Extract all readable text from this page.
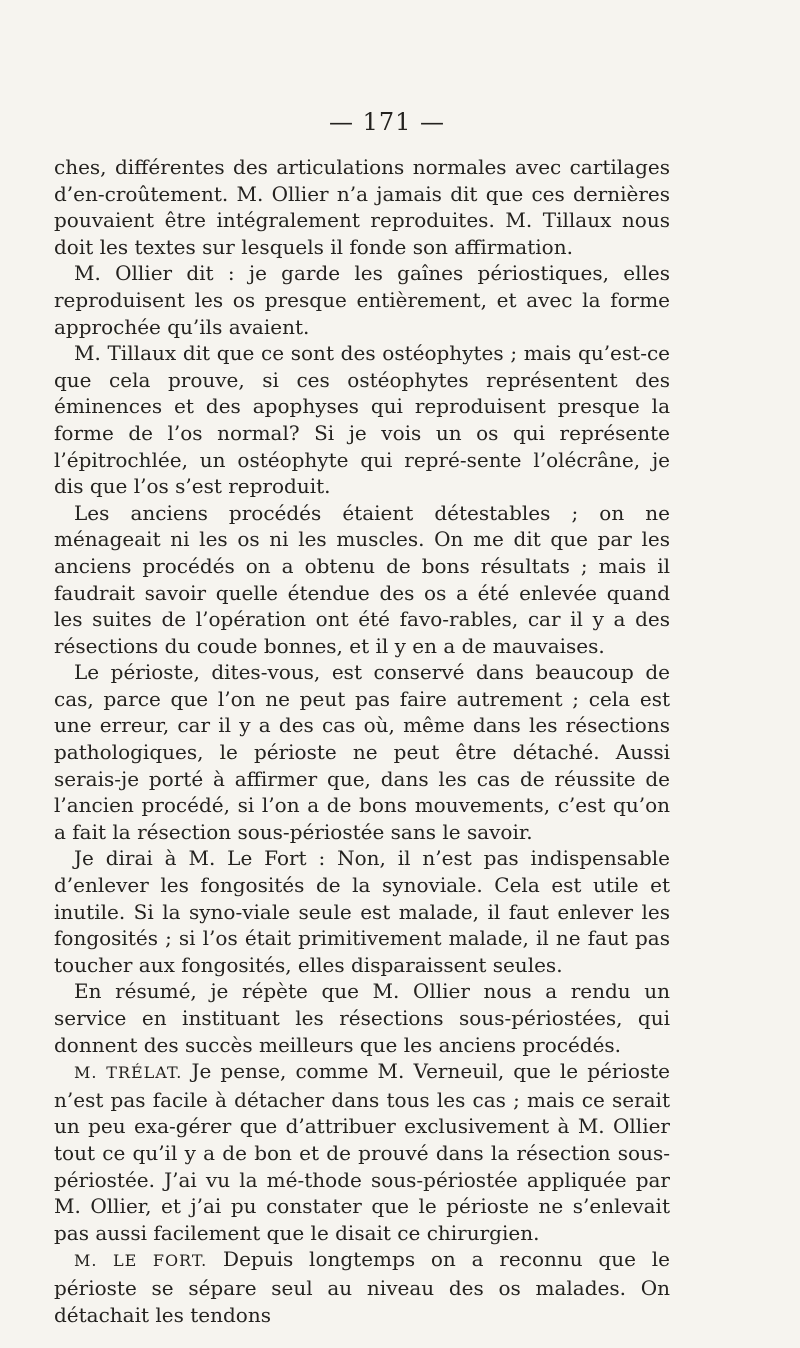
— 171 —

ches, différentes des articulations normales avec cartilages d’en-croûtement. M. Ollier n’a jamais dit que ces dernières pouvaient être intégralement reproduites. M. Tillaux nous doit les textes sur lesquels il fonde son affirmation.

M. Ollier dit : je garde les gaînes périostiques, elles reproduisent les os presque entièrement, et avec la forme approchée qu’ils avaient.

M. Tillaux dit que ce sont des ostéophytes ; mais qu’est-ce que cela prouve, si ces ostéophytes représentent des éminences et des apophyses qui reproduisent presque la forme de l’os normal? Si je vois un os qui représente l’épitrochlée, un ostéophyte qui repré-sente l’olécrâne, je dis que l’os s’est reproduit.

Les anciens procédés étaient détestables ; on ne ménageait ni les os ni les muscles. On me dit que par les anciens procédés on a obtenu de bons résultats ; mais il faudrait savoir quelle étendue des os a été enlevée quand les suites de l’opération ont été favo-rables, car il y a des résections du coude bonnes, et il y en a de mauvaises.

Le périoste, dites-vous, est conservé dans beaucoup de cas, parce que l’on ne peut pas faire autrement ; cela est une erreur, car il y a des cas où, même dans les résections pathologiques, le périoste ne peut être détaché. Aussi serais-je porté à affirmer que, dans les cas de réussite de l’ancien procédé, si l’on a de bons mouvements, c’est qu’on a fait la résection sous-périostée sans le savoir.

Je dirai à M. Le Fort : Non, il n’est pas indispensable d’enlever les fongosités de la synoviale. Cela est utile et inutile. Si la syno-viale seule est malade, il faut enlever les fongosités ; si l’os était primitivement malade, il ne faut pas toucher aux fongosités, elles disparaissent seules.

En résumé, je répète que M. Ollier nous a rendu un service en instituant les résections sous-périostées, qui donnent des succès meilleurs que les anciens procédés.

M. TRÉLAT. Je pense, comme M. Verneuil, que le périoste n’est pas facile à détacher dans tous les cas ; mais ce serait un peu exa-gérer que d’attribuer exclusivement à M. Ollier tout ce qu’il y a de bon et de prouvé dans la résection sous-périostée. J’ai vu la mé-thode sous-périostée appliquée par M. Ollier, et j’ai pu constater que le périoste ne s’enlevait pas aussi facilement que le disait ce chirurgien.

M. LE FORT. Depuis longtemps on a reconnu que le périoste se sépare seul au niveau des os malades. On détachait les tendons
